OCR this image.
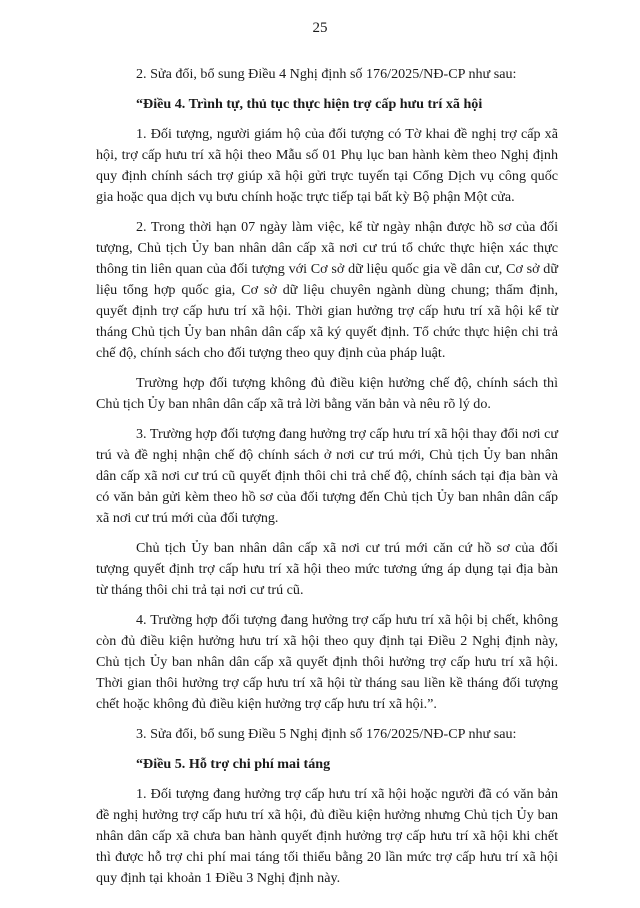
25

2. Sửa đổi, bổ sung Điều 4 Nghị định số 176/2025/NĐ-CP như sau:

“Điều 4. Trình tự, thủ tục thực hiện trợ cấp hưu trí xã hội

1. Đối tượng, người giám hộ của đối tượng có Tờ khai đề nghị trợ cấp xã hội, trợ cấp hưu trí xã hội theo Mẫu số 01 Phụ lục ban hành kèm theo Nghị định quy định chính sách trợ giúp xã hội gửi trực tuyến tại Cổng Dịch vụ công quốc gia hoặc qua dịch vụ bưu chính hoặc trực tiếp tại bất kỳ Bộ phận Một cửa.

2. Trong thời hạn 07 ngày làm việc, kể từ ngày nhận được hồ sơ của đối tượng, Chủ tịch Ủy ban nhân dân cấp xã nơi cư trú tổ chức thực hiện xác thực thông tin liên quan của đối tượng với Cơ sở dữ liệu quốc gia về dân cư, Cơ sở dữ liệu tổng hợp quốc gia, Cơ sở dữ liệu chuyên ngành dùng chung; thẩm định, quyết định trợ cấp hưu trí xã hội. Thời gian hưởng trợ cấp hưu trí xã hội kể từ tháng Chủ tịch Ủy ban nhân dân cấp xã ký quyết định. Tổ chức thực hiện chi trả chế độ, chính sách cho đối tượng theo quy định của pháp luật.

Trường hợp đối tượng không đủ điều kiện hưởng chế độ, chính sách thì Chủ tịch Ủy ban nhân dân cấp xã trả lời bằng văn bản và nêu rõ lý do.

3. Trường hợp đối tượng đang hưởng trợ cấp hưu trí xã hội thay đổi nơi cư trú và đề nghị nhận chế độ chính sách ở nơi cư trú mới, Chủ tịch Ủy ban nhân dân cấp xã nơi cư trú cũ quyết định thôi chi trả chế độ, chính sách tại địa bàn và có văn bản gửi kèm theo hồ sơ của đối tượng đến Chủ tịch Ủy ban nhân dân cấp xã nơi cư trú mới của đối tượng.

Chủ tịch Ủy ban nhân dân cấp xã nơi cư trú mới căn cứ hồ sơ của đối tượng quyết định trợ cấp hưu trí xã hội theo mức tương ứng áp dụng tại địa bàn từ tháng thôi chi trả tại nơi cư trú cũ.

4. Trường hợp đối tượng đang hưởng trợ cấp hưu trí xã hội bị chết, không còn đủ điều kiện hưởng hưu trí xã hội theo quy định tại Điều 2 Nghị định này, Chủ tịch Ủy ban nhân dân cấp xã quyết định thôi hưởng trợ cấp hưu trí xã hội. Thời gian thôi hưởng trợ cấp hưu trí xã hội từ tháng sau liền kề tháng đối tượng chết hoặc không đủ điều kiện hưởng trợ cấp hưu trí xã hội.”.

3. Sửa đổi, bổ sung Điều 5 Nghị định số 176/2025/NĐ-CP như sau:

“Điều 5. Hỗ trợ chi phí mai táng

1. Đối tượng đang hưởng trợ cấp hưu trí xã hội hoặc người đã có văn bản đề nghị hưởng trợ cấp hưu trí xã hội, đủ điều kiện hưởng nhưng Chủ tịch Ủy ban nhân dân cấp xã chưa ban hành quyết định hưởng trợ cấp hưu trí xã hội khi chết thì được hỗ trợ chi phí mai táng tối thiểu bằng 20 lần mức trợ cấp hưu trí xã hội quy định tại khoản 1 Điều 3 Nghị định này.
